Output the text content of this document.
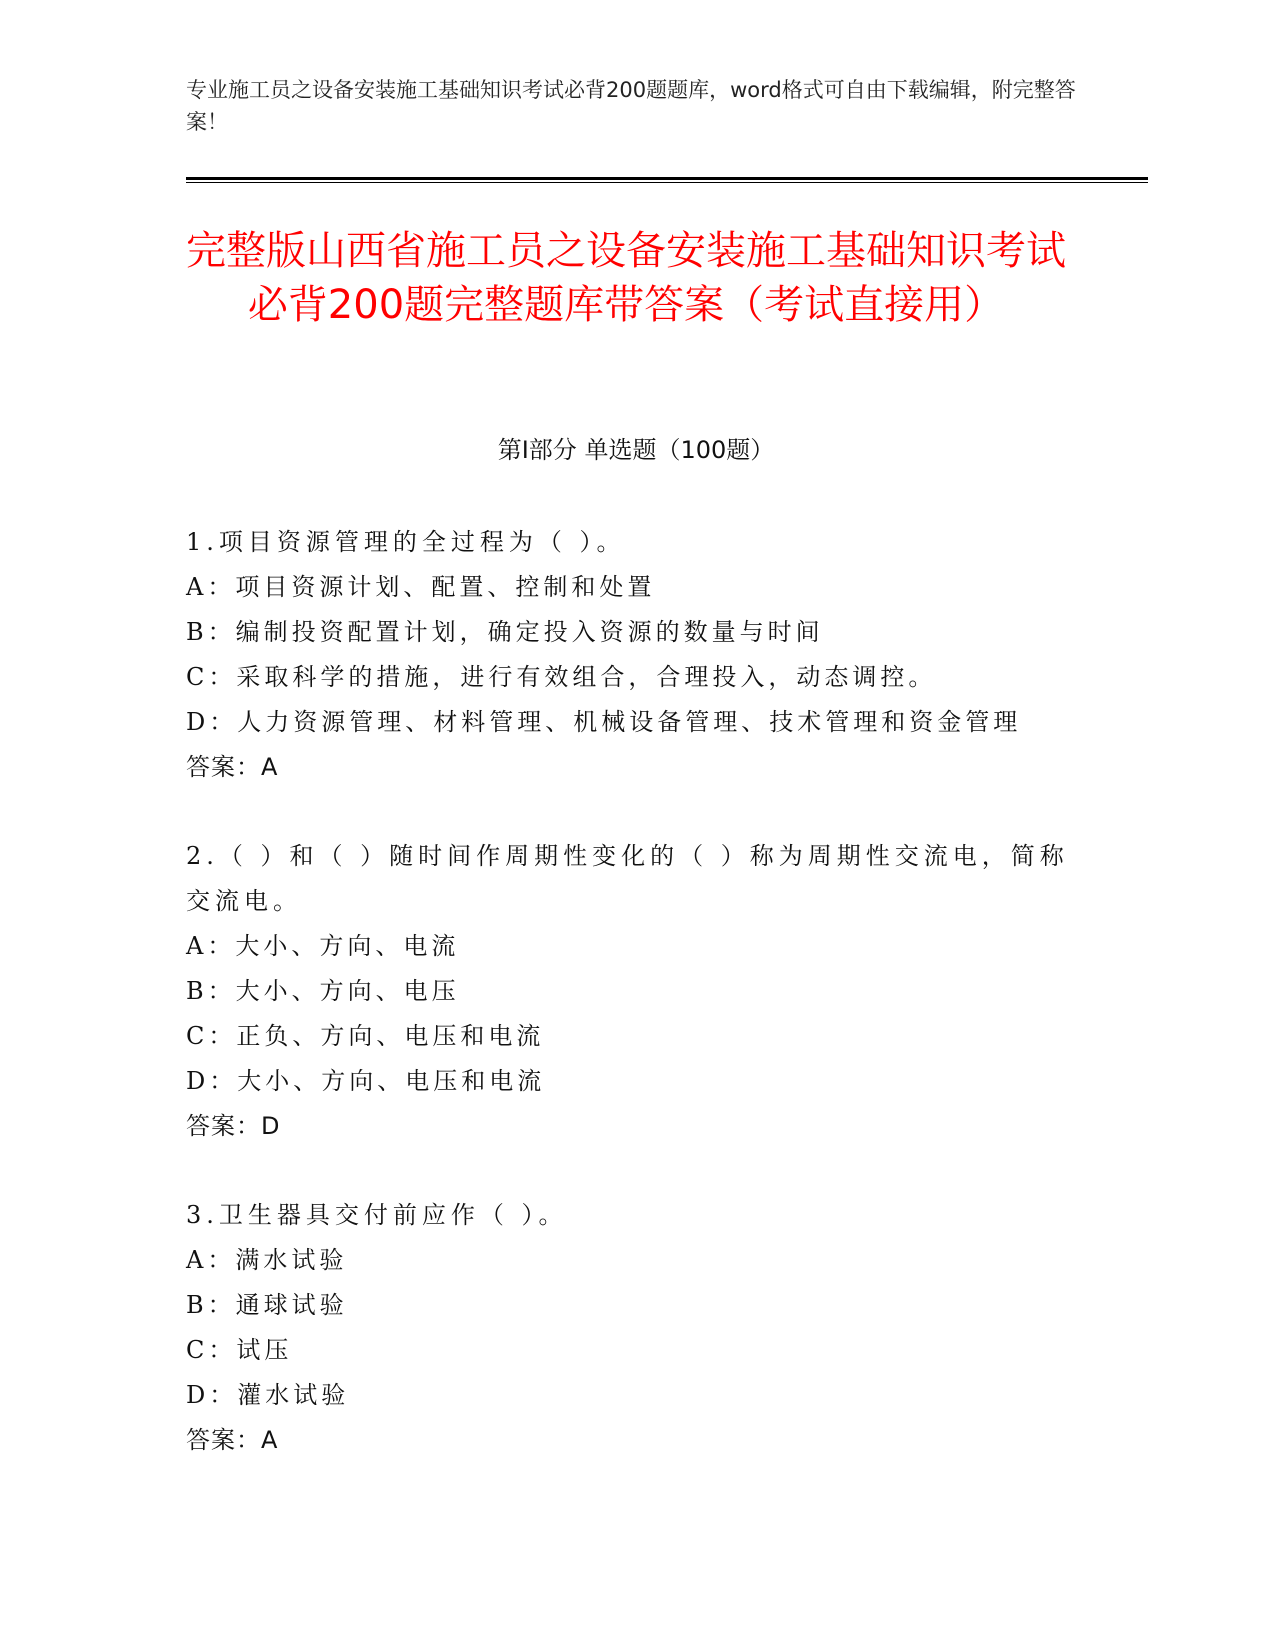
专业施工员之设备安装施工基础知识考试必背200题题库，word格式可自由下载编辑，附完整答案！
完整版山西省施工员之设备安装施工基础知识考试必背200题完整题库带答案（考试直接用）
第I部分 单选题（100题）
1.项目资源管理的全过程为（ ）。
A：项目资源计划、配置、控制和处置
B：编制投资配置计划，确定投入资源的数量与时间
C：采取科学的措施，进行有效组合，合理投入，动态调控。
D：人力资源管理、材料管理、机械设备管理、技术管理和资金管理
答案：A
2.（ ）和（ ）随时间作周期性变化的（ ）称为周期性交流电，简称交流电。
A：大小、方向、电流
B：大小、方向、电压
C：正负、方向、电压和电流
D：大小、方向、电压和电流
答案：D
3.卫生器具交付前应作（ ）。
A：满水试验
B：通球试验
C：试压
D：灌水试验
答案：A
